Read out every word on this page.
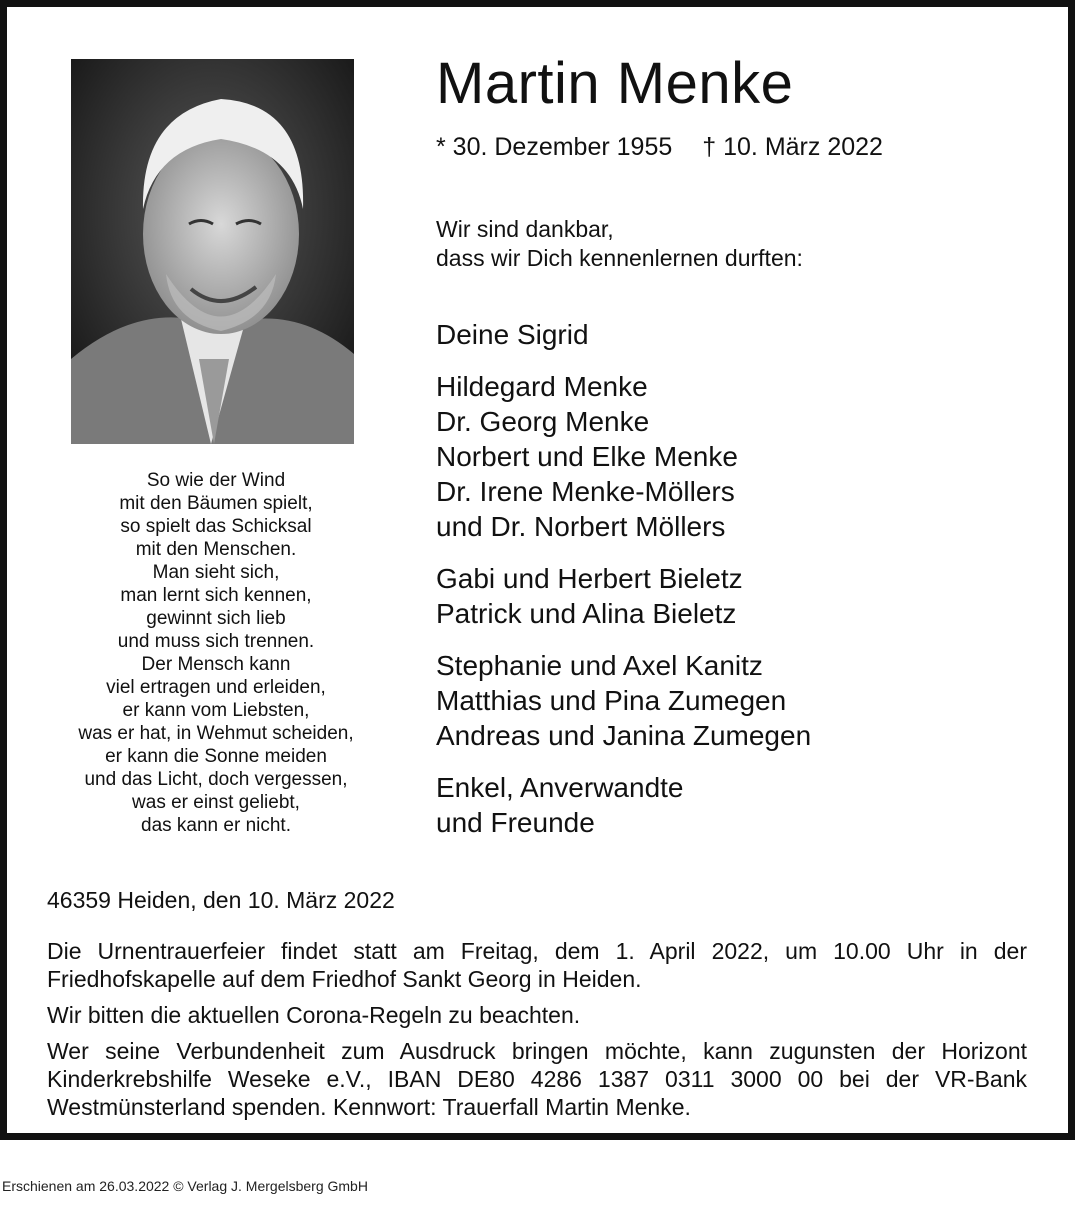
So wie der Wind
mit den Bäumen spielt,
so spielt das Schicksal
mit den Menschen.
Man sieht sich,
man lernt sich kennen,
gewinnt sich lieb
und muss sich trennen.
Der Mensch kann
viel ertragen und erleiden,
er kann vom Liebsten,
was er hat, in Wehmut scheiden,
er kann die Sonne meiden
und das Licht, doch vergessen,
was er einst geliebt,
das kann er nicht.
Martin Menke
* 30. Dezember 1955 † 10. März 2022
Wir sind dankbar,
dass wir Dich kennenlernen durften:
Deine Sigrid
Hildegard Menke
Dr. Georg Menke
Norbert und Elke Menke
Dr. Irene Menke-Möllers
und Dr. Norbert Möllers
Gabi und Herbert Bieletz
Patrick und Alina Bieletz
Stephanie und Axel Kanitz
Matthias und Pina Zumegen
Andreas und Janina Zumegen
Enkel, Anverwandte
und Freunde
46359 Heiden, den 10. März 2022

Die Urnentrauerfeier findet statt am Freitag, dem 1. April 2022, um 10.00 Uhr in der Friedhofskapelle auf dem Friedhof Sankt Georg in Heiden.

Wir bitten die aktuellen Corona-Regeln zu beachten.

Wer seine Verbundenheit zum Ausdruck bringen möchte, kann zugunsten der Horizont Kinderkrebshilfe Weseke e.V., IBAN DE80 4286 1387 0311 3000 00 bei der VR-Bank Westmünsterland spenden. Kennwort: Trauerfall Martin Menke.

Erschienen am 26.03.2022 © Verlag J. Mergelsberg GmbH
